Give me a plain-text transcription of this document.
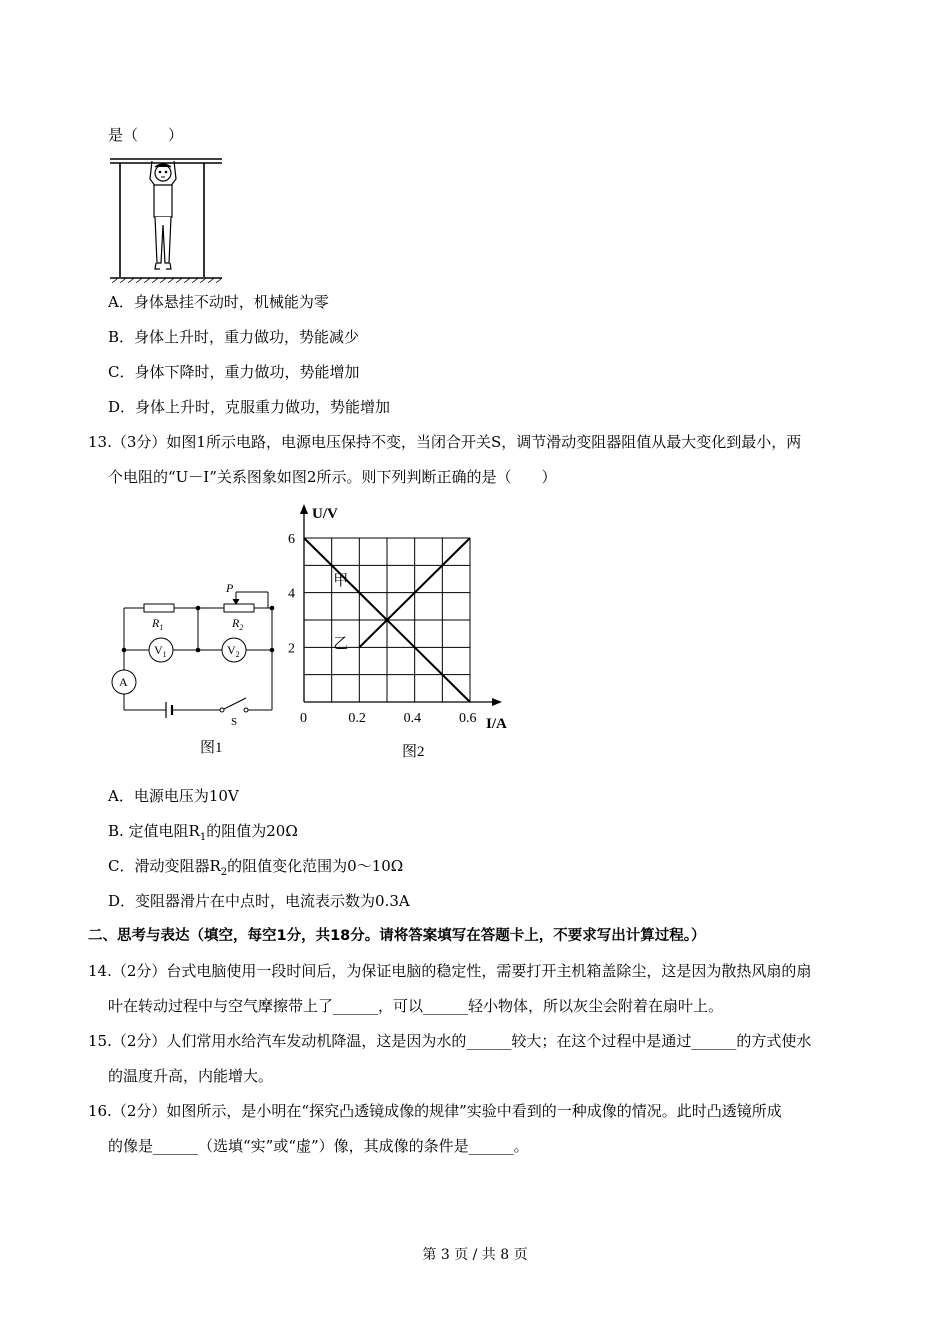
是（　　）
A．身体悬挂不动时，机械能为零
B．身体上升时，重力做功，势能减少
C．身体下降时，重力做功，势能增加
D．身体上升时，克服重力做功，势能增加
13.（3分）如图1所示电路，电源电压保持不变，当闭合开关S，调节滑动变阻器阻值从最大变化到最小，两
个电阻的“U－I”关系图象如图2所示。则下列判断正确的是（　　）
$R_1$	$R_2$
P
$V_1$	$V_2$
A
S
图1
甲
乙
2
4
6
0	0.2	0.4	0.6
U/V
I/A
图2
A．电源电压为10V
B. 定值电阻$R_1$的阻值为20Ω
C．滑动变阻器$R_2$的阻值变化范围为0～10Ω
D．变阻器滑片在中点时，电流表示数为0.3A
二、思考与表达（填空，每空1分，共18分。请将答案填写在答题卡上，不要求写出计算过程。）
14.（2分）台式电脑使用一段时间后，为保证电脑的稳定性，需要打开主机箱盖除尘，这是因为散热风扇的扇
叶在转动过程中与空气摩擦带上了______，可以______轻小物体，所以灰尘会附着在扇叶上。
15.（2分）人们常用水给汽车发动机降温，这是因为水的______较大；在这个过程中是通过______的方式使水
的温度升高，内能增大。
16.（2分）如图所示，是小明在“探究凸透镜成像的规律”实验中看到的一种成像的情况。此时凸透镜所成
的像是______（选填“实”或“虚”）像，其成像的条件是______。
第 3 页 / 共 8 页
